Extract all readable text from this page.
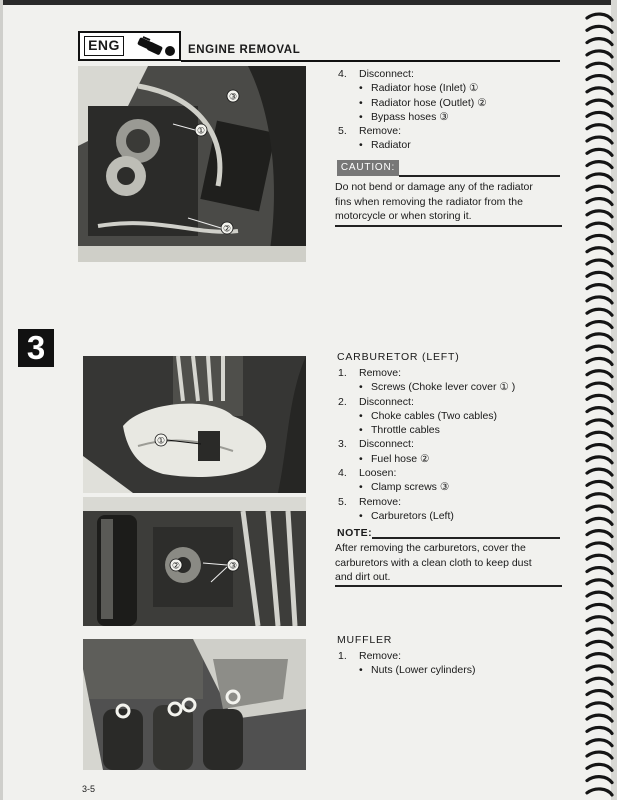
ENG	ENGINE REMOVAL
3
①
②
③
①
②	③
4. Disconnect:
Radiator hose (Inlet) ①
Radiator hose (Outlet) ②
Bypass hoses ③
5. Remove:
Radiator
CAUTION:
Do not bend or damage any of the radiator
fins when removing the radiator from the
motorcycle or when storing it.
CARBURETOR (LEFT)
1. Remove:
Screws (Choke lever cover ① )
2. Disconnect:
Choke cables (Two cables)
Throttle cables
3. Disconnect:
Fuel hose ②
4. Loosen:
Clamp screws ③
5. Remove:
Carburetors (Left)
NOTE:
After removing the carburetors, cover the
carburetors with a clean cloth to keep dust
and dirt out.
MUFFLER
1. Remove:
Nuts (Lower cylinders)
3-5
